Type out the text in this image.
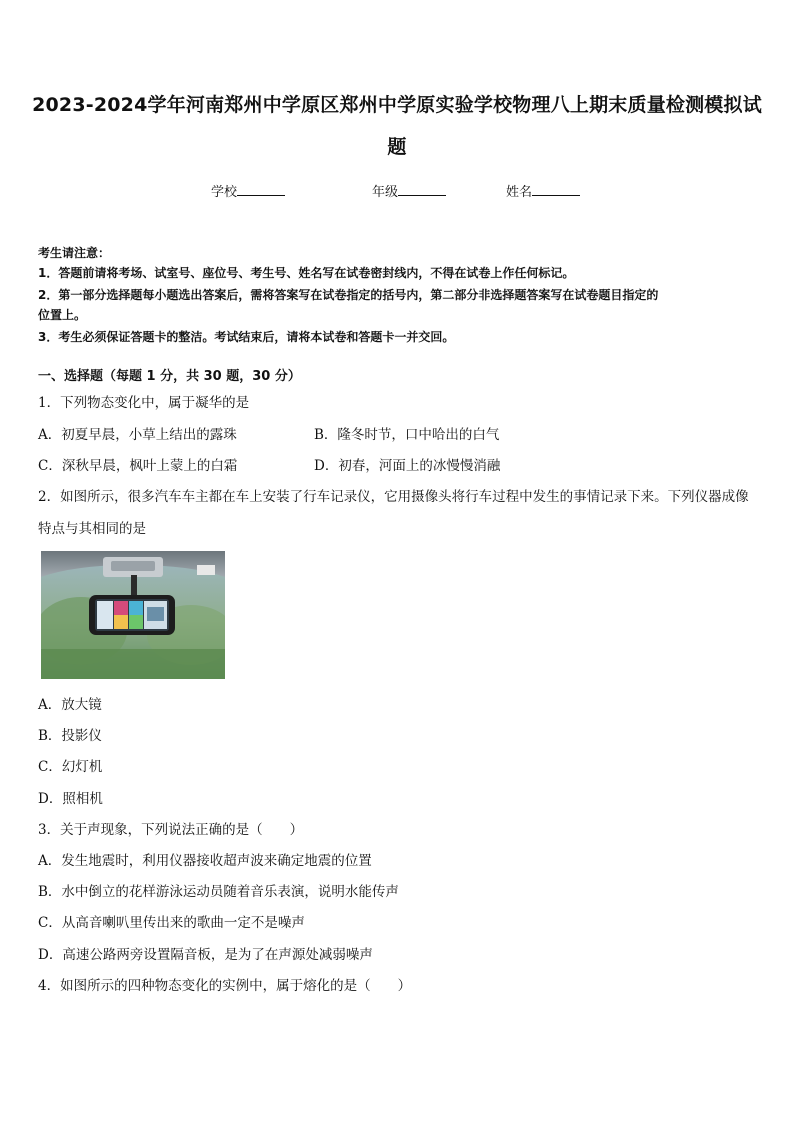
2023-2024学年河南郑州中学原区郑州中学原实验学校物理八上期末质量检测模拟试题
学校	年级	姓名
考生请注意：
1．答题前请将考场、试室号、座位号、考生号、姓名写在试卷密封线内，不得在试卷上作任何标记。
2．第一部分选择题每小题选出答案后，需将答案写在试卷指定的括号内，第二部分非选择题答案写在试卷题目指定的
位置上。
3．考生必须保证答题卡的整洁。考试结束后，请将本试卷和答题卡一并交回。
一、选择题（每题 1 分，共 30 题，30 分）
1．下列物态变化中，属于凝华的是
A．初夏早晨，小草上结出的露珠	B．隆冬时节，口中哈出的白气
C．深秋早晨，枫叶上蒙上的白霜	D．初春，河面上的冰慢慢消融
2．如图所示，很多汽车车主都在车上安装了行车记录仪，它用摄像头将行车过程中发生的事情记录下来。下列仪器成像特点与其相同的是
A．放大镜
B．投影仪
C．幻灯机
D．照相机
3．关于声现象，下列说法正确的是（　　）
A．发生地震时，利用仪器接收超声波来确定地震的位置
B．水中倒立的花样游泳运动员随着音乐表演，说明水能传声
C．从高音喇叭里传出来的歌曲一定不是噪声
D．高速公路两旁设置隔音板，是为了在声源处减弱噪声
4．如图所示的四种物态变化的实例中，属于熔化的是（　　）
